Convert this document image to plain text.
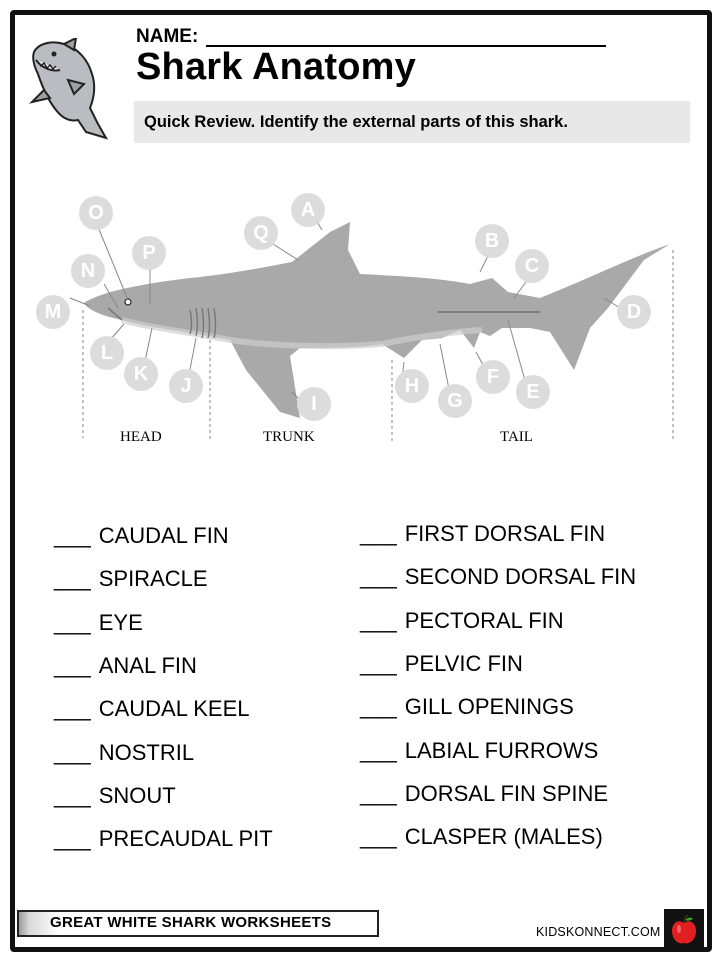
NAME:
Shark Anatomy
Quick Review. Identify the external parts of this shark.
A
B
C
D
E
F
G
H
I
J
K
L
M
N
O
P
Q
HEAD	TRUNK	TAIL
___ CAUDAL FIN
___ SPIRACLE
___ EYE
___ ANAL FIN
___ CAUDAL KEEL
___ NOSTRIL
___ SNOUT
___ PRECAUDAL PIT
___ FIRST DORSAL FIN
___ SECOND DORSAL FIN
___ PECTORAL FIN
___ PELVIC FIN
___ GILL OPENINGS
___ LABIAL FURROWS
___ DORSAL FIN SPINE
___ CLASPER (MALES)
GREAT WHITE SHARK WORKSHEETS
KIDSKONNECT.COM
